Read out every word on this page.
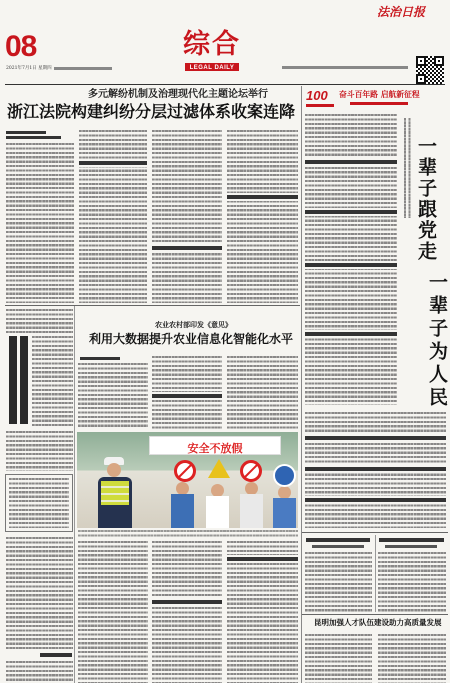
08
2021年7月1日 星期四
综合
LEGAL DAILY
法治日报
多元解纷机制及治理现代化主题论坛举行
浙江法院构建纠纷分层过滤体系收案连降
100 奋斗百年路 启航新征程
一辈子跟党走
一辈子为人民
昆明加强人才队伍建设助力高质量发展
农业农村部印发《意见》
利用大数据提升农业信息化智能化水平
安全不放假
